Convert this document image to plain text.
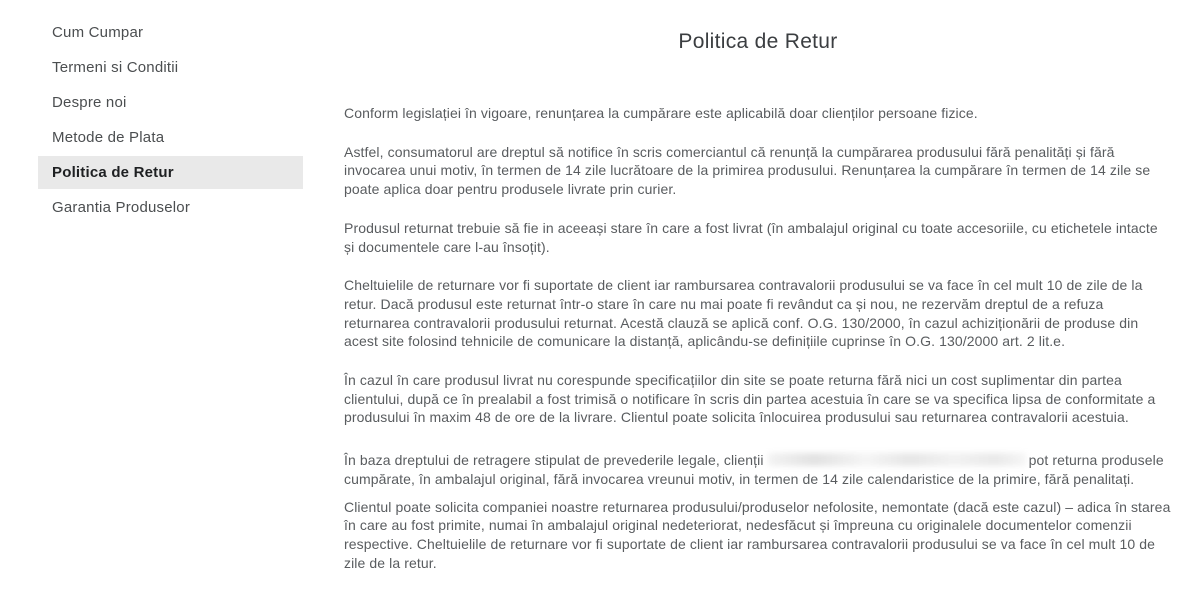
Cum Cumpar
Termeni si Conditii
Despre noi
Metode de Plata
Politica de Retur
Garantia Produselor
Politica de Retur

Conform legislației în vigoare, renunțarea la cumpărare este aplicabilă doar clienților persoane fizice.

Astfel, consumatorul are dreptul să notifice în scris comerciantul că renunță la cumpărarea produsului fără penalități și fără invocarea unui motiv, în termen de 14 zile lucrătoare de la primirea produsului. Renunțarea la cumpărare în termen de 14 zile se poate aplica doar pentru produsele livrate prin curier.

Produsul returnat trebuie să fie in aceeași stare în care a fost livrat (în ambalajul original cu toate accesoriile, cu etichetele intacte și documentele care l-au însoțit).

Cheltuielile de returnare vor fi suportate de client iar rambursarea contravalorii produsului se va face în cel mult 10 de zile de la retur. Dacă produsul este returnat într-o stare în care nu mai poate fi revândut ca și nou, ne rezervăm dreptul de a refuza returnarea contravalorii produsului returnat. Acestă clauză se aplică conf. O.G. 130/2000, în cazul achiziționării de produse din acest site folosind tehnicile de comunicare la distanță, aplicându-se definițiile cuprinse în O.G. 130/2000 art. 2 lit.e.

În cazul în care produsul livrat nu corespunde specificațiilor din site se poate returna fără nici un cost suplimentar din partea clientului, după ce în prealabil a fost trimisă o notificare în scris din partea acestuia în care se va specifica lipsa de conformitate a produsului în maxim 48 de ore de la livrare. Clientul poate solicita înlocuirea produsului sau returnarea contravalorii acestuia.

În baza dreptului de retragere stipulat de prevederile legale, clienții	pot returna produsele cumpărate, în ambalajul original, fără invocarea vreunui motiv, in termen de 14 zile calendaristice de la primire, fără penalitați.

Clientul poate solicita companiei noastre returnarea produsului/produselor nefolosite, nemontate (dacă este cazul) – adica în starea în care au fost primite, numai în ambalajul original nedeteriorat, nedesfăcut și împreuna cu originalele documentelor comenzii respective. Cheltuielile de returnare vor fi suportate de client iar rambursarea contravalorii produsului se va face în cel mult 10 de zile de la retur.
